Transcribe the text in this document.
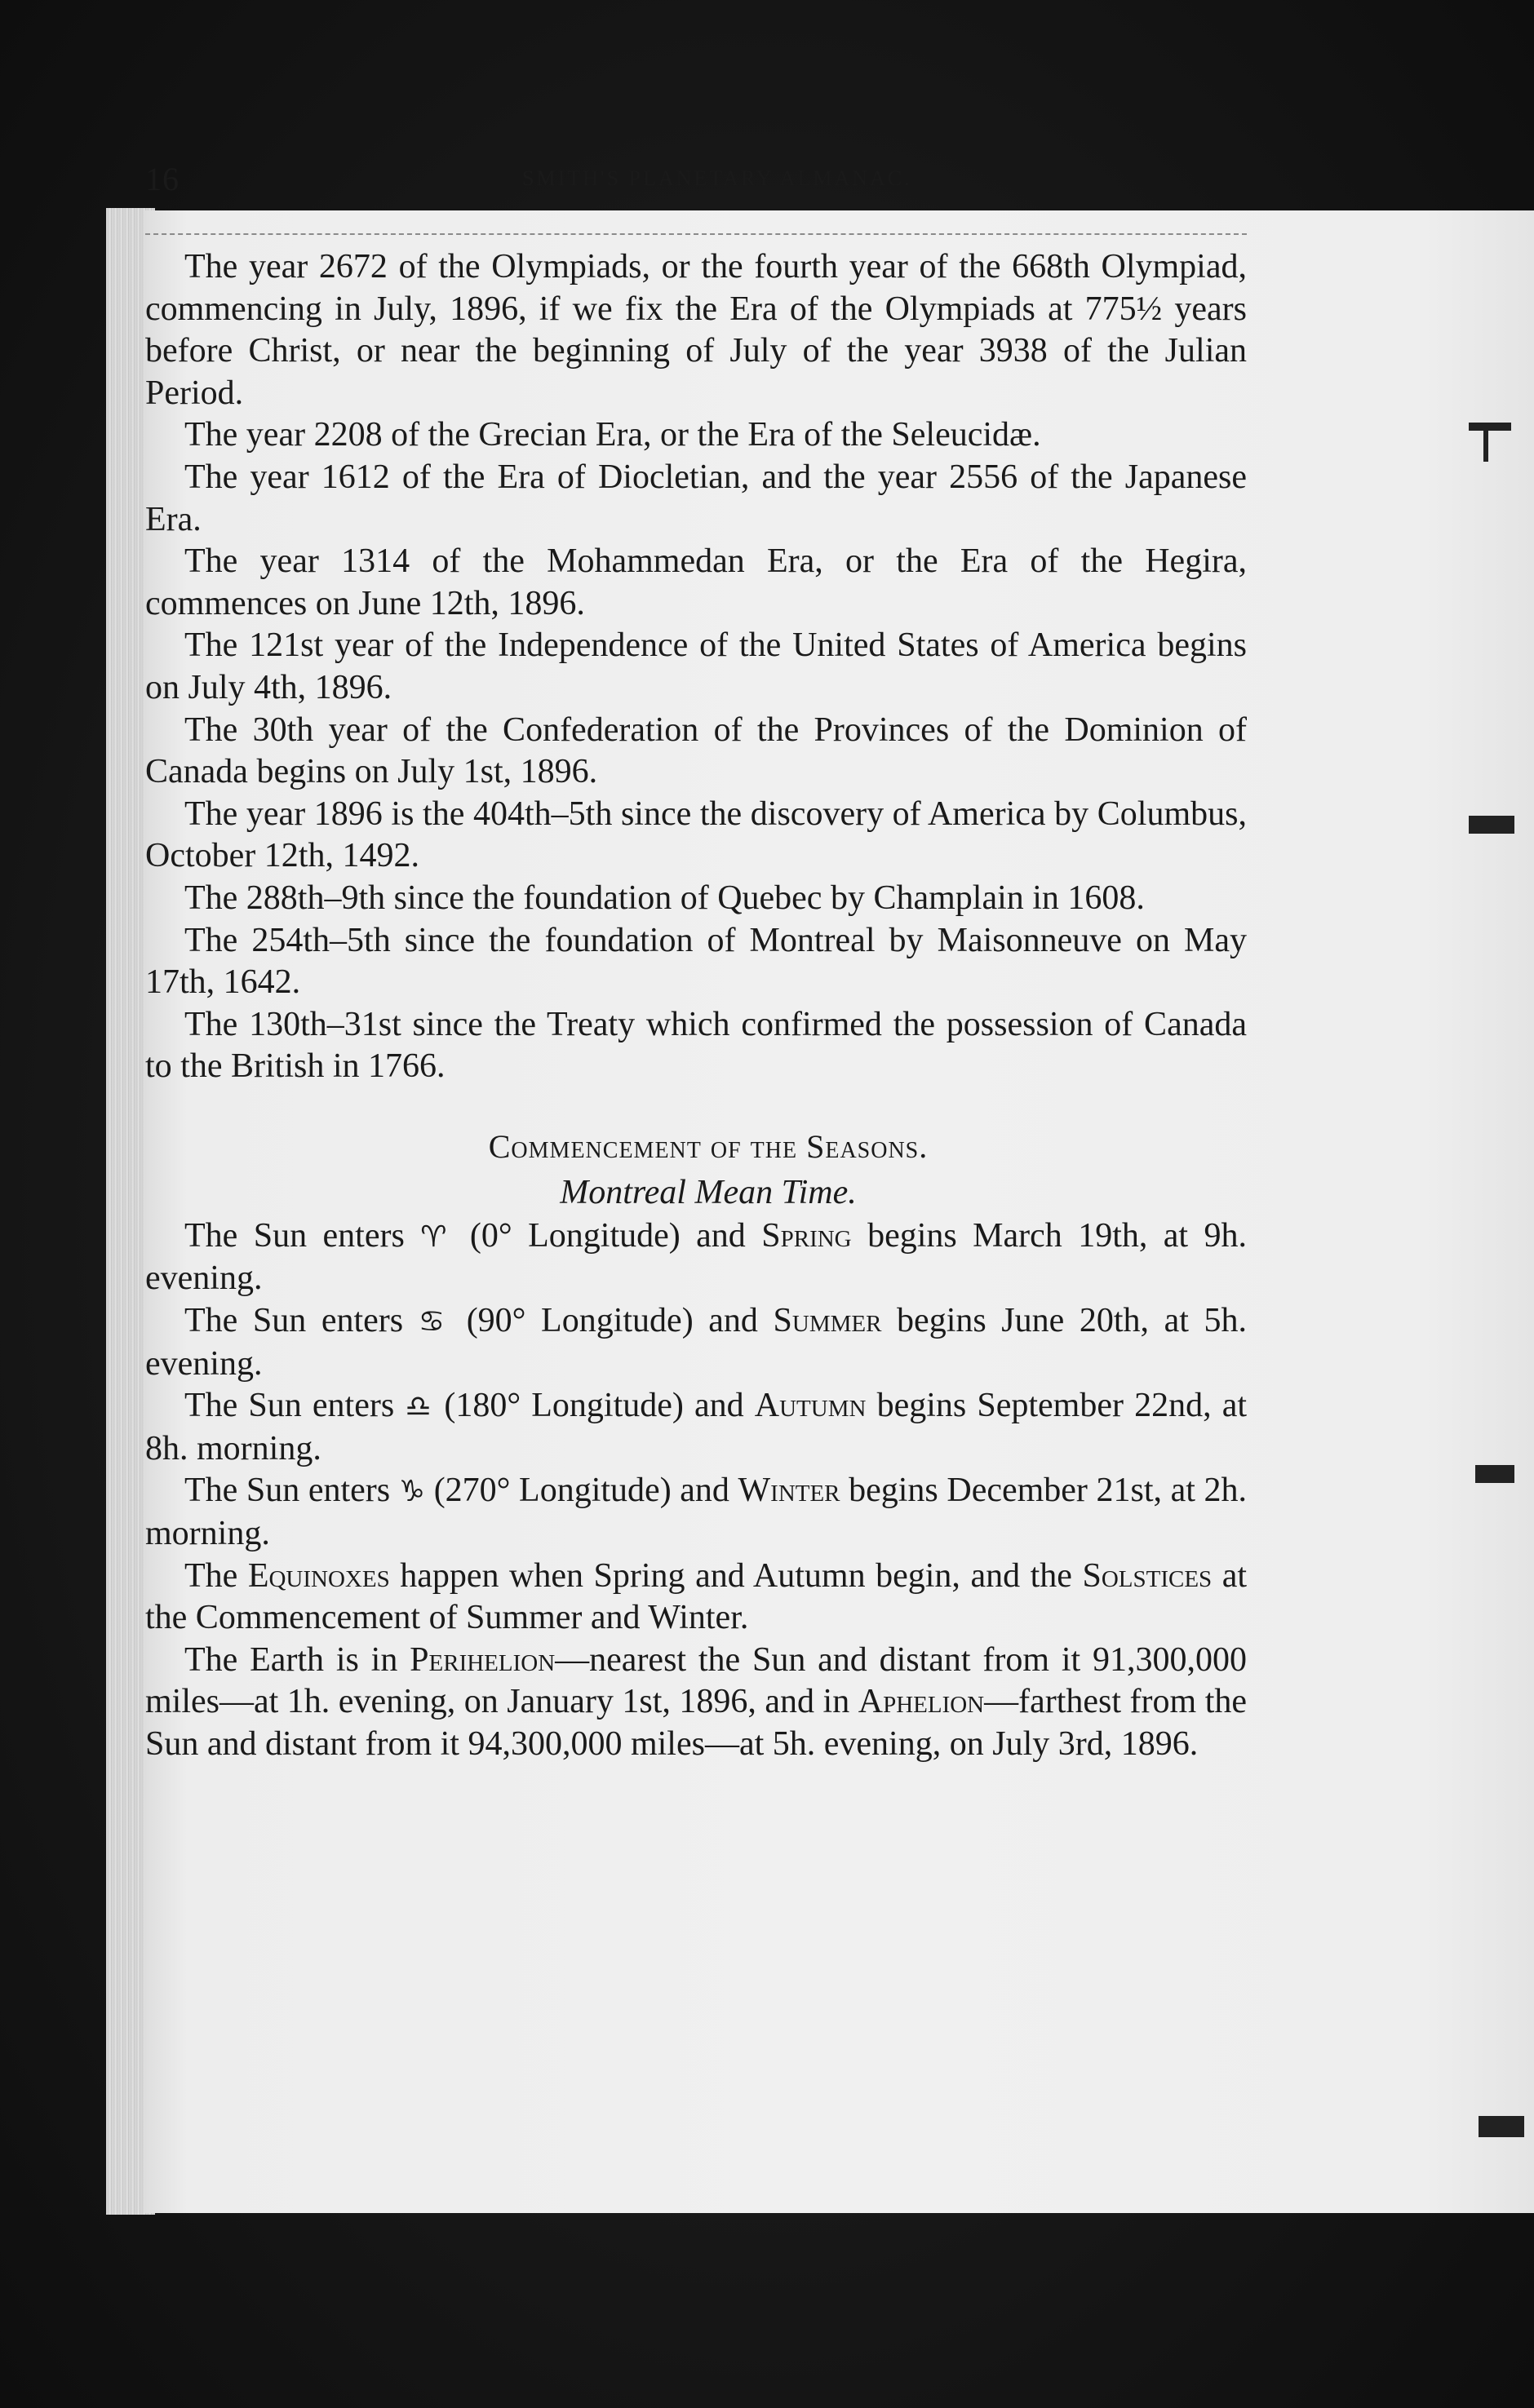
16	SMITH'S PLANETARY ALMANAC.

The year 2672 of the Olympiads, or the fourth year of the 668th Olympiad, commencing in July, 1896, if we fix the Era of the Olympiads at 775½ years before Christ, or near the beginning of July of the year 3938 of the Julian Period.

The year 2208 of the Grecian Era, or the Era of the Seleucidæ.

The year 1612 of the Era of Diocletian, and the year 2556 of the Japanese Era.

The year 1314 of the Mohammedan Era, or the Era of the Hegira, commences on June 12th, 1896.

The 121st year of the Independence of the United States of America begins on July 4th, 1896.

The 30th year of the Confederation of the Provinces of the Dominion of Canada begins on July 1st, 1896.

The year 1896 is the 404th–5th since the discovery of America by Columbus, October 12th, 1492.

The 288th–9th since the foundation of Quebec by Champlain in 1608.

The 254th–5th since the foundation of Montreal by Maisonneuve on May 17th, 1642.

The 130th–31st since the Treaty which confirmed the possession of Canada to the British in 1766.

Commencement of the Seasons.

Montreal Mean Time.

The Sun enters ♈ (0° Longitude) and Spring begins March 19th, at 9h. evening.

The Sun enters ♋ (90° Longitude) and Summer begins June 20th, at 5h. evening.

The Sun enters ♎ (180° Longitude) and Autumn begins September 22nd, at 8h. morning.

The Sun enters ♑ (270° Longitude) and Winter begins December 21st, at 2h. morning.

The Equinoxes happen when Spring and Autumn begin, and the Solstices at the Commencement of Summer and Winter.

The Earth is in Perihelion—nearest the Sun and distant from it 91,300,000 miles—at 1h. evening, on January 1st, 1896, and in Aphelion—farthest from the Sun and distant from it 94,300,000 miles—at 5h. evening, on July 3rd, 1896.
